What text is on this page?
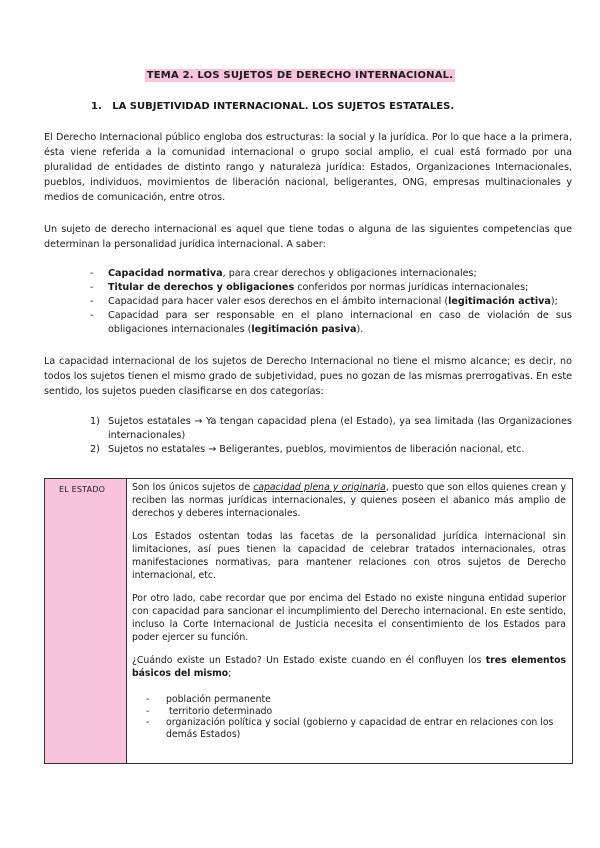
TEMA 2. LOS SUJETOS DE DERECHO INTERNACIONAL.
1. LA SUBJETIVIDAD INTERNACIONAL. LOS SUJETOS ESTATALES.
El Derecho Internacional público engloba dos estructuras: la social y la jurídica. Por lo que hace a la primera, ésta viene referida a la comunidad internacional o grupo social amplio, el cual está formado por una pluralidad de entidades de distinto rango y naturaleza jurídica: Estados, Organizaciones Internacionales, pueblos, individuos, movimientos de liberación nacional, beligerantes, ONG, empresas multinacionales y medios de comunicación, entre otros.
Un sujeto de derecho internacional es aquel que tiene todas o alguna de las siguientes competencias que determinan la personalidad jurídica internacional. A saber:
- Capacidad normativa, para crear derechos y obligaciones internacionales;
- Titular de derechos y obligaciones conferidos por normas jurídicas internacionales;
- Capacidad para hacer valer esos derechos en el ámbito internacional (legitimación activa);
- Capacidad para ser responsable en el plano internacional en caso de violación de sus obligaciones internacionales (legitimación pasiva).
La capacidad internacional de los sujetos de Derecho Internacional no tiene el mismo alcance; es decir, no todos los sujetos tienen el mismo grado de subjetividad, pues no gozan de las mismas prerrogativas. En este sentido, los sujetos pueden clasificarse en dos categorías:
1) Sujetos estatales → Ya tengan capacidad plena (el Estado), ya sea limitada (las Organizaciones internacionales)
2) Sujetos no estatales → Beligerantes, pueblos, movimientos de liberación nacional, etc.
EL ESTADO	Son los únicos sujetos de capacidad plena y originaria, puesto que son ellos quienes crean y reciben las normas jurídicas internacionales, y quienes poseen el abanico más amplio de derechos y deberes internacionales.

Los Estados ostentan todas las facetas de la personalidad jurídica internacional sin limitaciones, así pues tienen la capacidad de celebrar tratados internacionales, otras manifestaciones normativas, para mantener relaciones con otros sujetos de Derecho internacional, etc.

Por otro lado, cabe recordar que por encima del Estado no existe ninguna entidad superior con capacidad para sancionar el incumplimiento del Derecho internacional. En este sentido, incluso la Corte Internacional de Justicia necesita el consentimiento de los Estados para poder ejercer su función.

¿Cuándo existe un Estado? Un Estado existe cuando en él confluyen los tres elementos básicos del mismo;

- población permanente
-  territorio determinado
- organización política y social (gobierno y capacidad de entrar en relaciones con los demás Estados)
